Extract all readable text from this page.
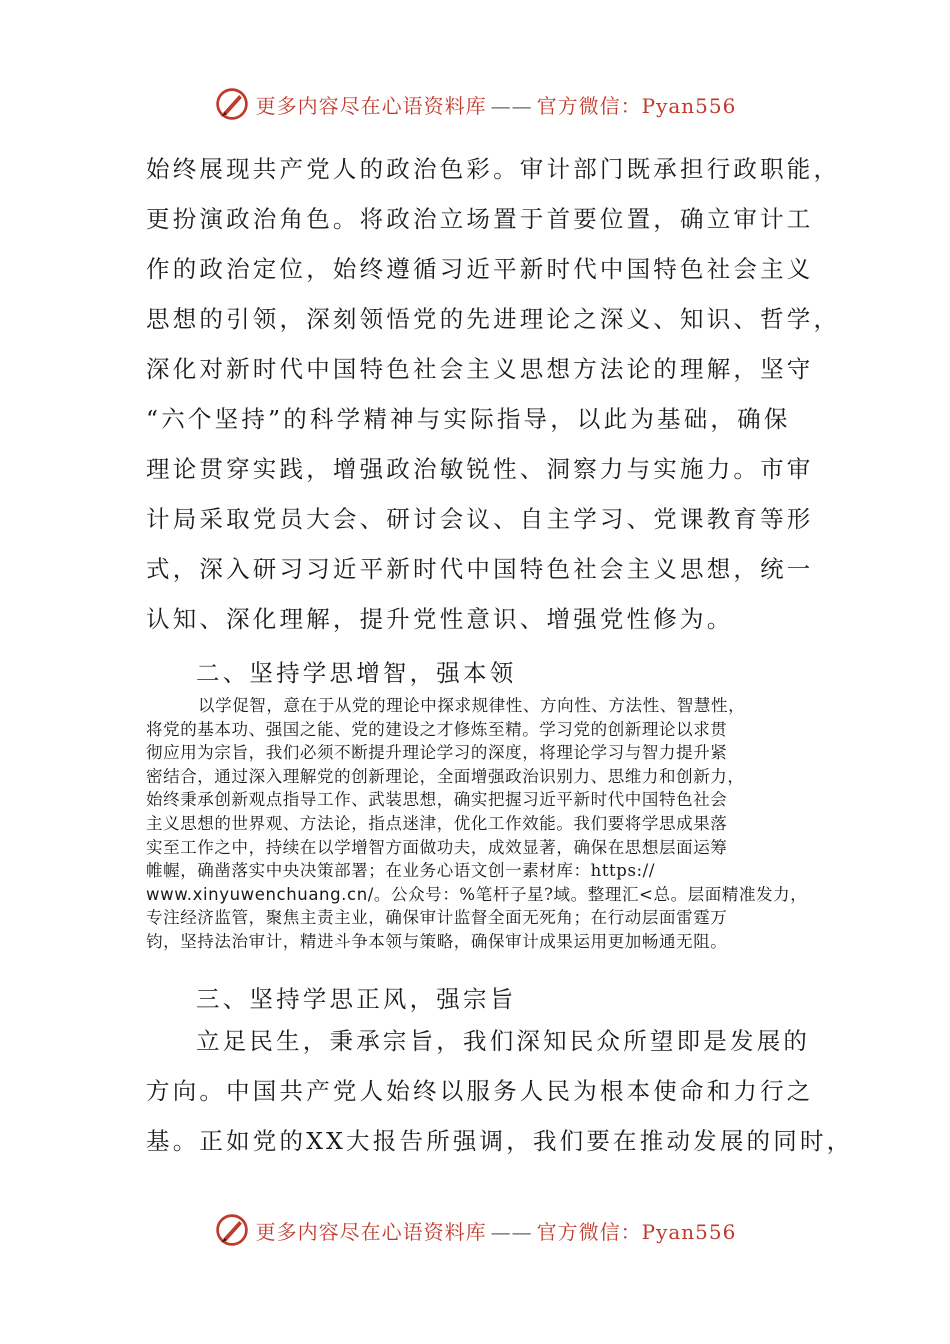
更多内容尽在心语资料库 —— 官方微信：Pyan556
始终展现共产党人的政治色彩。审计部门既承担行政职能，
更扮演政治角色。将政治立场置于首要位置，确立审计工
作的政治定位，始终遵循习近平新时代中国特色社会主义
思想的引领，深刻领悟党的先进理论之深义、知识、哲学，
深化对新时代中国特色社会主义思想方法论的理解，坚守
“六个坚持”的科学精神与实际指导，以此为基础，确保
理论贯穿实践，增强政治敏锐性、洞察力与实施力。市审
计局采取党员大会、研讨会议、自主学习、党课教育等形
式，深入研习习近平新时代中国特色社会主义思想，统一
认知、深化理解，提升党性意识、增强党性修为。
二、坚持学思增智，强本领
以学促智，意在于从党的理论中探求规律性、方向性、方法性、智慧性，
将党的基本功、强国之能、党的建设之才修炼至精。学习党的创新理论以求贯
彻应用为宗旨，我们必须不断提升理论学习的深度，将理论学习与智力提升紧
密结合，通过深入理解党的创新理论，全面增强政治识别力、思维力和创新力，
始终秉承创新观点指导工作、武装思想，确实把握习近平新时代中国特色社会
主义思想的世界观、方法论，指点迷津，优化工作效能。我们要将学思成果落
实至工作之中，持续在以学增智方面做功夫，成效显著，确保在思想层面运筹
帷幄，确凿落实中央决策部署；在业务心语文创一素材库：https://
www.xinyuwenchuang.cn/。公众号：%笔杆子星?域。整理汇<总。层面精准发力，
专注经济监管，聚焦主责主业，确保审计监督全面无死角；在行动层面雷霆万
钧，坚持法治审计，精进斗争本领与策略，确保审计成果运用更加畅通无阻。
三、坚持学思正风，强宗旨
立足民生，秉承宗旨，我们深知民众所望即是发展的
方向。中国共产党人始终以服务人民为根本使命和力行之
基。正如党的XX大报告所强调，我们要在推动发展的同时，
更多内容尽在心语资料库 —— 官方微信：Pyan556
